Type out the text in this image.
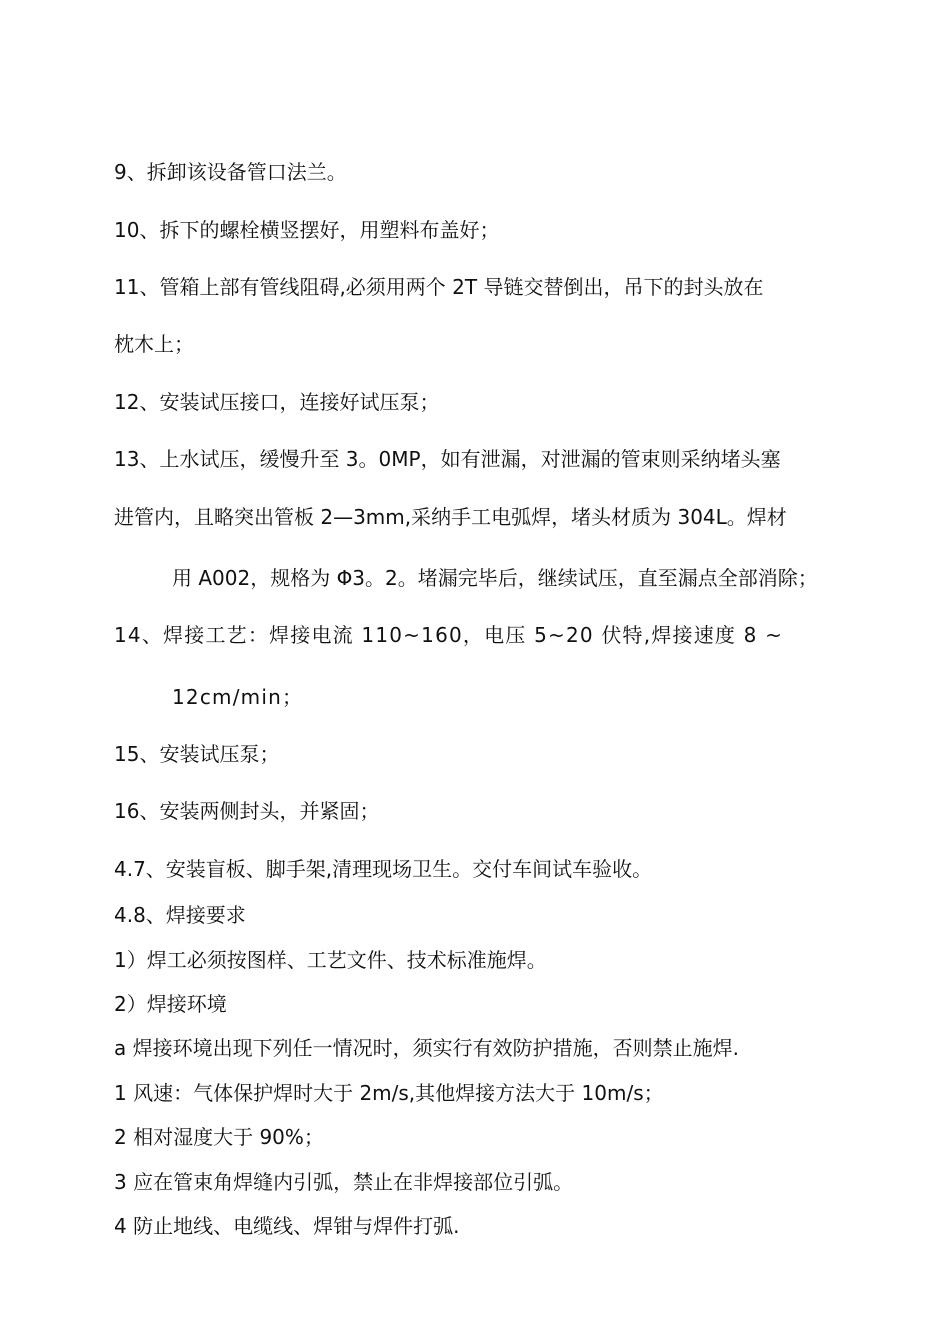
9、拆卸该设备管口法兰。
10、拆下的螺栓横竖摆好，用塑料布盖好；
11、管箱上部有管线阻碍,必须用两个 2T 导链交替倒出，吊下的封头放在
枕木上；
12、安装试压接口，连接好试压泵；
13、上水试压，缓慢升至 3。0MP，如有泄漏，对泄漏的管束则采纳堵头塞
进管内，且略突出管板 2—3mm,采纳手工电弧焊，堵头材质为 304L。焊材
用 A002，规格为 Φ3。2。堵漏完毕后，继续试压，直至漏点全部消除；
14、焊接工艺：焊接电流 110~160，电压 5~20 伏特,焊接速度 8 ~
12cm/min；
15、安装试压泵；
16、安装两侧封头，并紧固；
4.7、安装盲板、脚手架,清理现场卫生。交付车间试车验收。
4.8、焊接要求
1）焊工必须按图样、工艺文件、技术标准施焊。
2）焊接环境
a 焊接环境出现下列任一情况时，须实行有效防护措施，否则禁止施焊.
1 风速：气体保护焊时大于 2m/s,其他焊接方法大于 10m/s；
2 相对湿度大于 90%；
3 应在管束角焊缝内引弧，禁止在非焊接部位引弧。
4 防止地线、电缆线、焊钳与焊件打弧.
